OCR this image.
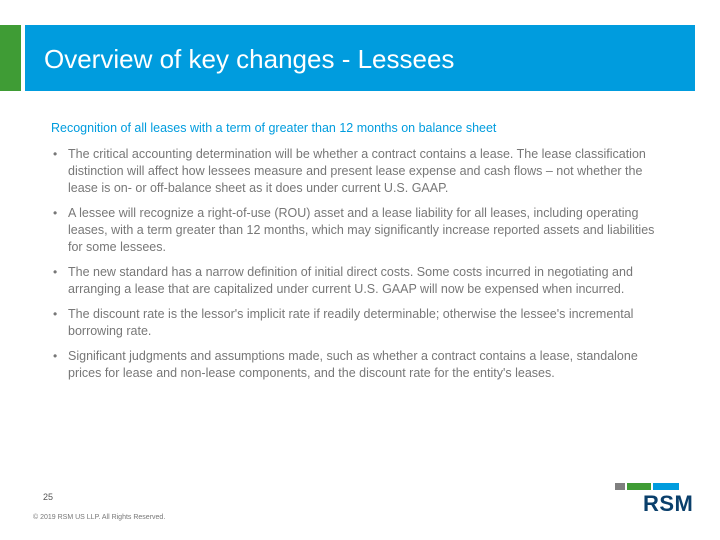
Overview of key changes - Lessees
Recognition of all leases with a term of greater than 12 months on balance sheet
• The critical accounting determination will be whether a contract contains a lease. The lease classification distinction will affect how lessees measure and present lease expense and cash flows – not whether the lease is on- or off-balance sheet as it does under current U.S. GAAP.
• A lessee will recognize a right-of-use (ROU) asset and a lease liability for all leases, including operating leases, with a term greater than 12 months, which may significantly increase reported assets and liabilities for some lessees.
• The new standard has a narrow definition of initial direct costs. Some costs incurred in negotiating and arranging a lease that are capitalized under current U.S. GAAP will now be expensed when incurred.
• The discount rate is the lessor's implicit rate if readily determinable; otherwise the lessee's incremental borrowing rate.
• Significant judgments and assumptions made, such as whether a contract contains a lease, standalone prices for lease and non-lease components, and the discount rate for the entity's leases.
25
© 2019 RSM US LLP. All Rights Reserved.
RSM
